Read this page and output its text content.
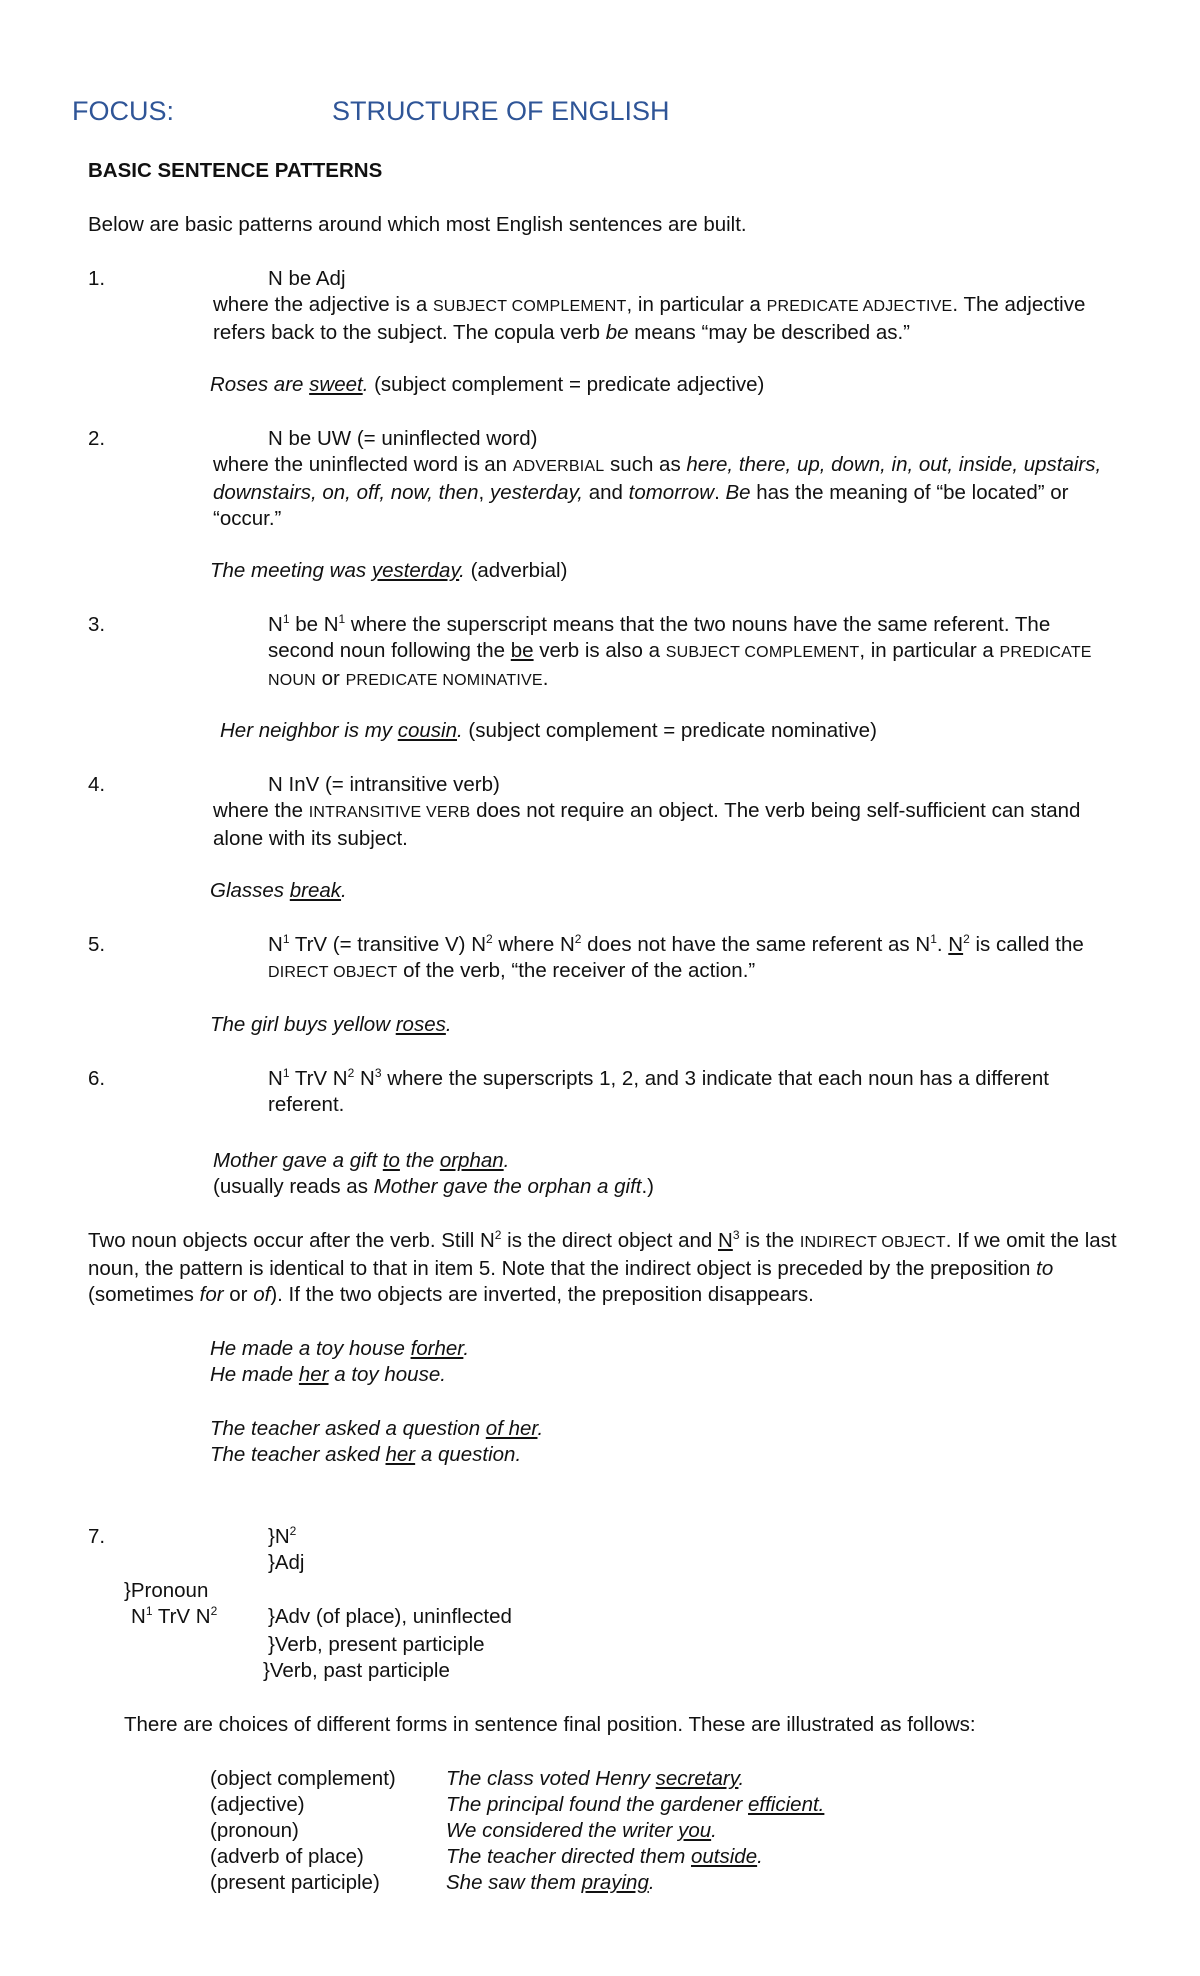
FOCUS:	STRUCTURE OF ENGLISH
BASIC SENTENCE PATTERNS
Below are basic patterns around which most English sentences are built.
1.	N be Adj
where the adjective is a SUBJECT COMPLEMENT, in particular a PREDICATE ADJECTIVE. The adjective refers back to the subject. The copula verb be means “may be described as.”
Roses are sweet. (subject complement = predicate adjective)
2.	N be UW (= uninflected word)
where the uninflected word is an ADVERBIAL such as here, there, up, down, in, out, inside, upstairs, downstairs, on, off, now, then, yesterday, and tomorrow. Be has the meaning of “be located” or “occur.”
The meeting was yesterday. (adverbial)
3.	$N^1$ be $N^1$ where the superscript means that the two nouns have the same referent. The second noun following the be verb is also a SUBJECT COMPLEMENT, in particular a PREDICATE NOUN or PREDICATE NOMINATIVE.
Her neighbor is my cousin. (subject complement = predicate nominative)
4.	N InV (= intransitive verb)
where the INTRANSITIVE VERB does not require an object. The verb being self-sufficient can stand alone with its subject.
Glasses break.
5.	$N^1$ TrV (= transitive V) $N^2$ where $N^2$ does not have the same referent as $N^1$. $N^2$ is called the DIRECT OBJECT of the verb, “the receiver of the action.”
The girl buys yellow roses.
6.	$N^1$ TrV $N^2$ $N^3$ where the superscripts 1, 2, and 3 indicate that each noun has a different referent.
Mother gave a gift to the orphan.
(usually reads as Mother gave the orphan a gift.)
Two noun objects occur after the verb. Still $N^2$ is the direct object and $N^3$ is the INDIRECT OBJECT. If we omit the last noun, the pattern is identical to that in item 5. Note that the indirect object is preceded by the preposition to (sometimes for or of). If the two objects are inverted, the preposition disappears.
He made a toy house forher.
He made her a toy house.
The teacher asked a question of her.
The teacher asked her a question.
7.	}$N^2$
}Adj
}Pronoun
$N^1$ TrV $N^2$ }Adv (of place), uninflected
}Verb, present participle
}Verb, past participle
There are choices of different forms in sentence final position. These are illustrated as follows:
(object complement) The class voted Henry secretary.
(adjective)	The principal found the gardener efficient.
(pronoun)	We considered the writer you.
(adverb of place)	The teacher directed them outside.
(present participle)	She saw them praying.
